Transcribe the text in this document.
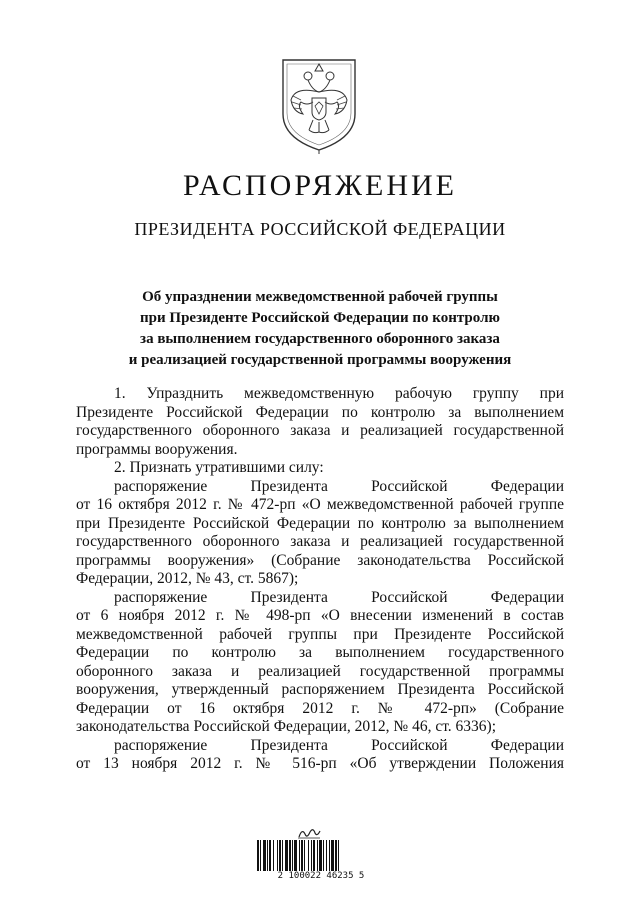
РАСПОРЯЖЕНИЕ
ПРЕЗИДЕНТА РОССИЙСКОЙ ФЕДЕРАЦИИ
Об упразднении межведомственной рабочей группы
при Президенте Российской Федерации по контролю
за выполнением государственного оборонного заказа
и реализацией государственной программы вооружения
1. Упразднить межведомственную рабочую группу при
Президенте Российской Федерации по контролю за выполнением
государственного оборонного заказа и реализацией государственной
программы вооружения.
2. Признать утратившими силу:
распоряжение Президента Российской Федерации
от 16 октября 2012 г. № 472-рп «О межведомственной рабочей группе
при Президенте Российской Федерации по контролю за выполнением
государственного оборонного заказа и реализацией государственной
программы вооружения» (Собрание законодательства Российской
Федерации, 2012, № 43, ст. 5867);
распоряжение Президента Российской Федерации
от 6 ноября 2012 г. № 498-рп «О внесении изменений в состав
межведомственной рабочей группы при Президенте Российской
Федерации по контролю за выполнением государственного
оборонного заказа и реализацией государственной программы
вооружения, утвержденный распоряжением Президента Российской
Федерации от 16 октября 2012 г. № 472-рп» (Собрание
законодательства Российской Федерации, 2012, № 46, ст. 6336);
распоряжение Президента Российской Федерации
от 13 ноября 2012 г. № 516-рп «Об утверждении Положения
2 100022 46235 5
